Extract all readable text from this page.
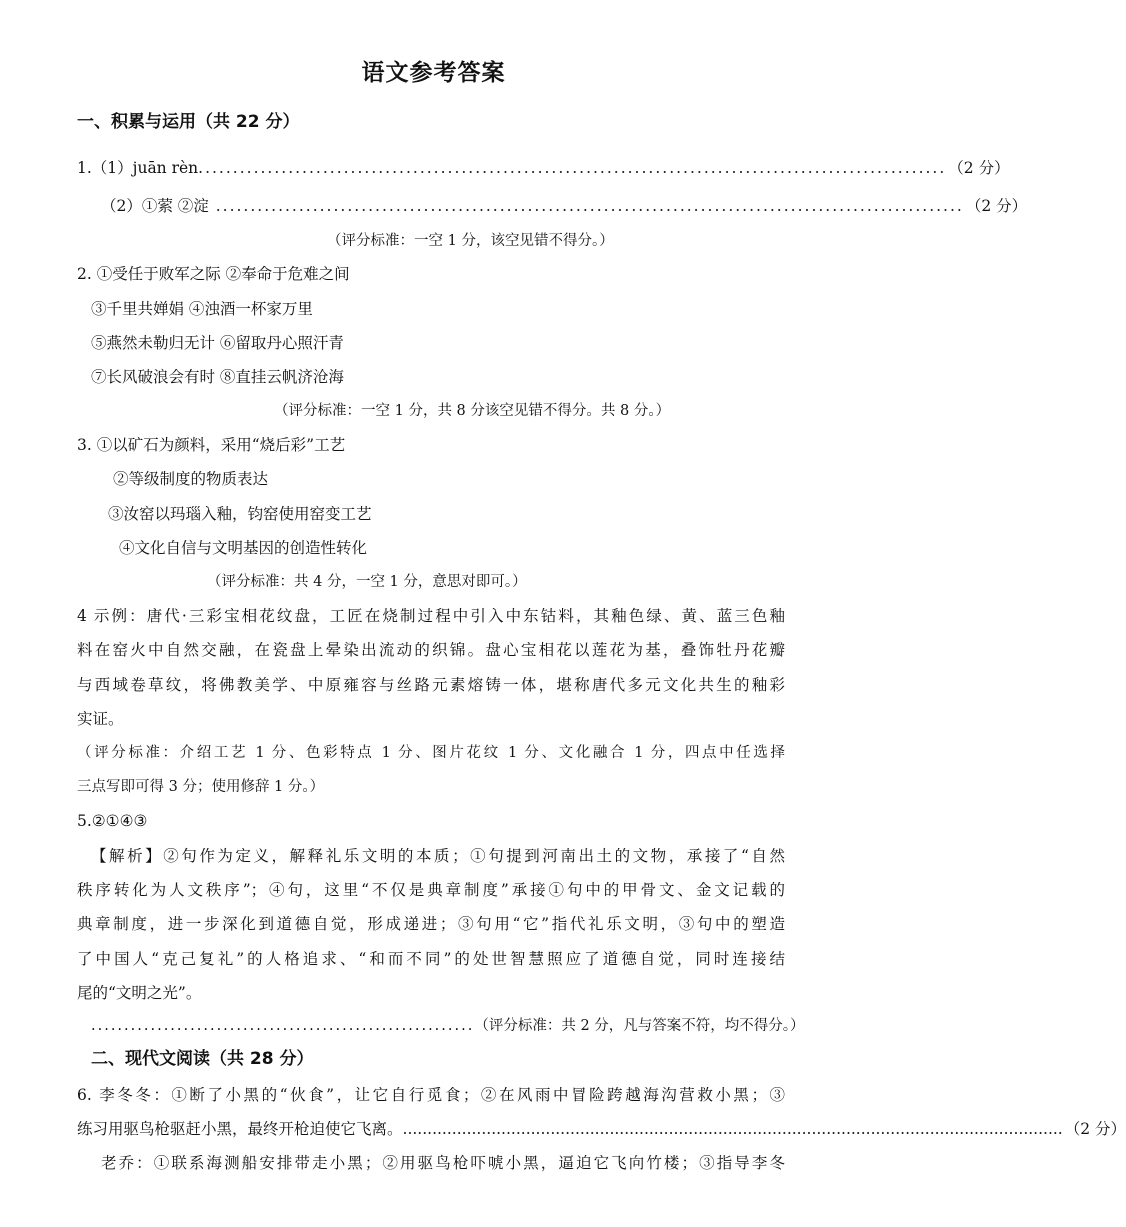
语文参考答案
一、积累与运用（共 22 分）
1.（1）juān rèn ............................................................................................................ （2 分）
（2）①萦 ②淀 ............................................................................................................ （2 分）
（评分标准：一空 1 分，该空见错不得分。）
2. ①受任于败军之际 ②奉命于危难之间
③千里共婵娟 ④浊酒一杯家万里
⑤燕然未勒归无计 ⑥留取丹心照汗青
⑦长风破浪会有时 ⑧直挂云帆济沧海
（评分标准：一空 1 分，共 8 分该空见错不得分。共 8 分。）
3. ①以矿石为颜料，采用“烧后彩”工艺
②等级制度的物质表达
③汝窑以玛瑙入釉，钧窑使用窑变工艺
④文化自信与文明基因的创造性转化
（评分标准：共 4 分，一空 1 分，意思对即可。）
4 示例：唐代·三彩宝相花纹盘，工匠在烧制过程中引入中东钴料，其釉色绿、黄、蓝三色釉
料在窑火中自然交融，在瓷盘上晕染出流动的织锦。盘心宝相花以莲花为基，叠饰牡丹花瓣
与西域卷草纹，将佛教美学、中原雍容与丝路元素熔铸一体，堪称唐代多元文化共生的釉彩
实证。
（评分标准：介绍工艺 1 分、色彩特点 1 分、图片花纹 1 分、文化融合 1 分，四点中任选择
三点写即可得 3 分；使用修辞 1 分。）
5.②①④③
【解析】②句作为定义，解释礼乐文明的本质；①句提到河南出土的文物，承接了“自然
秩序转化为人文秩序”；④句，这里“不仅是典章制度”承接①句中的甲骨文、金文记载的
典章制度，进一步深化到道德自觉，形成递进；③句用“它”指代礼乐文明，③句中的塑造
了中国人“克己复礼”的人格追求、“和而不同”的处世智慧照应了道德自觉，同时连接结
尾的“文明之光”。
.......................................................... （评分标准：共 2 分，凡与答案不符，均不得分。）
二、现代文阅读（共 28 分）
6. 李冬冬：①断了小黑的“伙食”，让它自行觅食；②在风雨中冒险跨越海沟营救小黑；③
练习用驱鸟枪驱赶小黑，最终开枪迫使它飞离。 ...................................................................................................................................... （2 分）
老乔：①联系海测船安排带走小黑；②用驱鸟枪吓唬小黑，逼迫它飞向竹楼；③指导李冬
